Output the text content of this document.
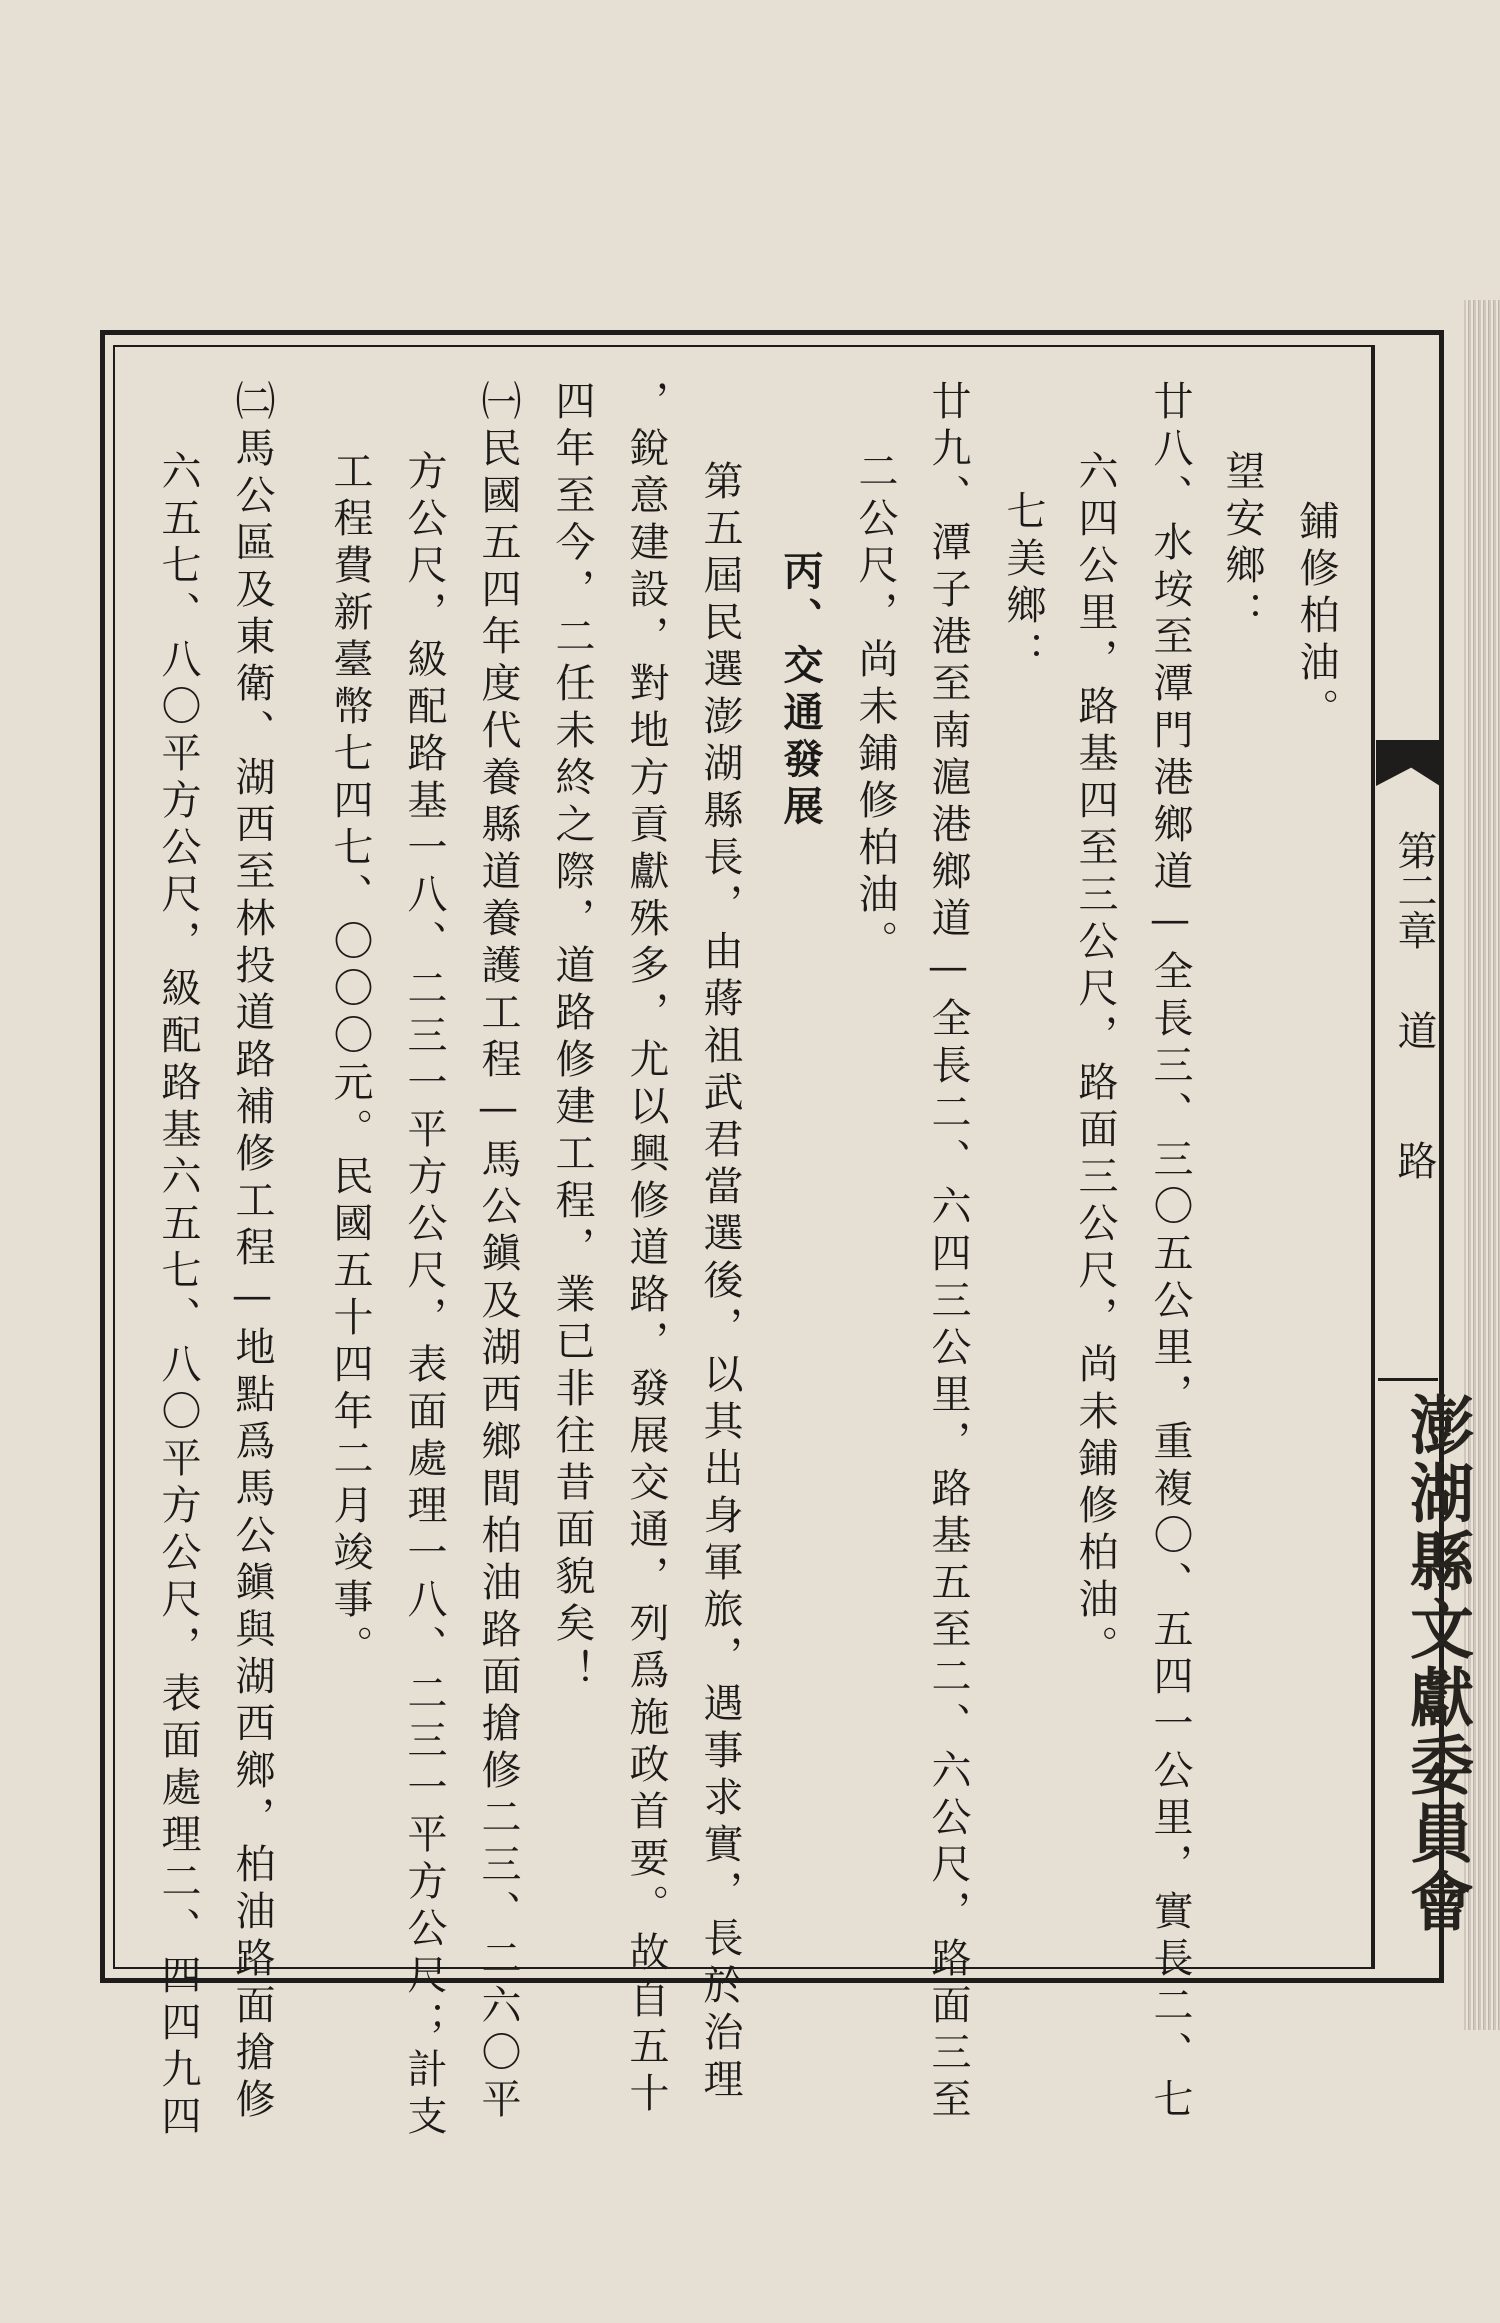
第二章
道
路
澎湖縣文獻委員會
鋪修柏油。
望安鄉：
廿八、水垵至潭門港鄉道—全長三、三〇五公里，重複〇、五四一公里，實長二、七
六四公里，路基四至三公尺，路面三公尺，尚未鋪修柏油。
七美鄉：
廿九、潭子港至南滬港鄉道—全長二、六四三公里，路基五至二、六公尺，路面三至
二公尺，尚未鋪修柏油。
丙、交通發展
第五屆民選澎湖縣長，由蔣祖武君當選後，以其出身軍旅，遇事求實，長於治理
，銳意建設，對地方貢獻殊多，尤以興修道路，發展交通，列爲施政首要。故自五十
四年至今，二任未終之際，道路修建工程，業已非往昔面貌矣！
㈠民國五四年度代養縣道養護工程—馬公鎭及湖西鄉間柏油路面搶修二三、二六〇平
方公尺，級配路基一八、二三一平方公尺，表面處理一八、二三一平方公尺；計支
工程費新臺幣七四七、〇〇〇元。民國五十四年二月竣事。
㈡馬公區及東衛、湖西至林投道路補修工程—地點爲馬公鎭與湖西鄉，柏油路面搶修
六五七、八〇平方公尺，級配路基六五七、八〇平方公尺，表面處理二、四四九四
